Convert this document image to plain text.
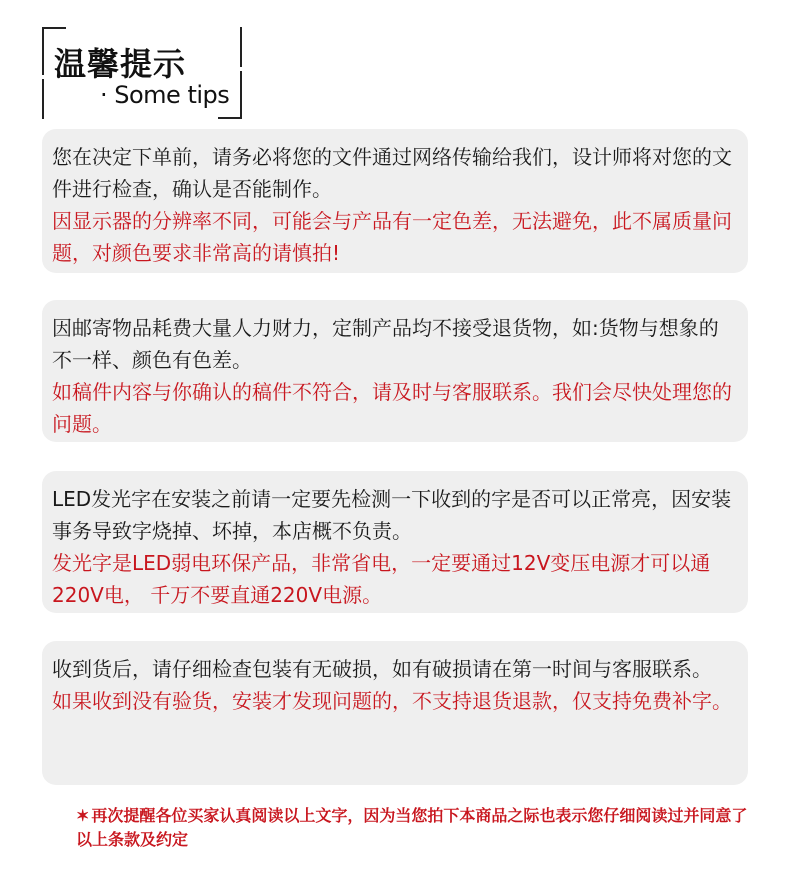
温馨提示
· Some tips

您在决定下单前，请务必将您的文件通过网络传输给我们，设计师将对您的文件进行检查，确认是否能制作。

因显示器的分辨率不同，可能会与产品有一定色差，无法避免，此不属质量问题，对颜色要求非常高的请慎拍!

因邮寄物品耗费大量人力财力，定制产品均不接受退货物，如:货物与想象的不一样、颜色有色差。

如稿件内容与你确认的稿件不符合，请及时与客服联系。我们会尽快处理您的问题。

LED发光字在安装之前请一定要先检测一下收到的字是否可以正常亮，因安装事务导致字烧掉、坏掉，本店概不负责。

发光字是LED弱电环保产品，非常省电，一定要通过12V变压电源才可以通220V电， 千万不要直通220V电源。

收到货后，请仔细检查包装有无破损，如有破损请在第一时间与客服联系。

如果收到没有验货，安装才发现问题的，不支持退货退款，仅支持免费补字。

✶ 再次提醒各位买家认真阅读以上文字，因为当您拍下本商品之际也表示您仔细阅读过并同意了以上条款及约定
